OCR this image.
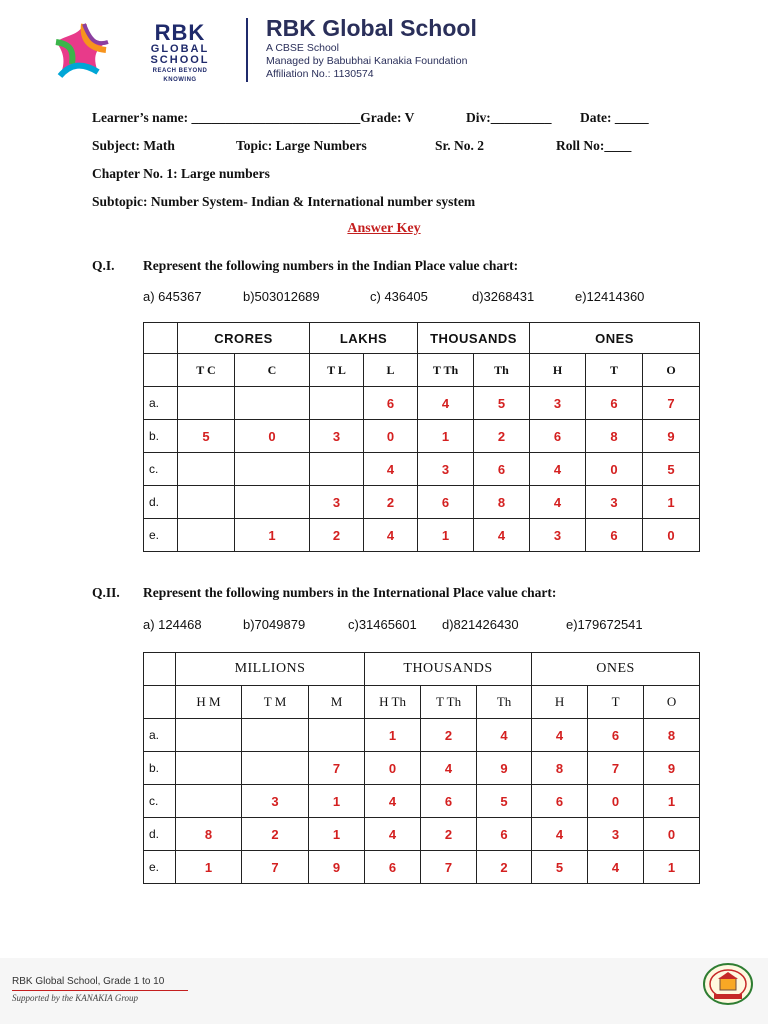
RBK
GLOBAL
SCHOOL
REACH BEYOND
KNOWING
RBK Global School
A CBSE School
Managed by Babubhai Kanakia Foundation
Affiliation No.: 1130574
Learner’s name: _________________________Grade: V	Div:_________ Date: _____
Subject: Math	Topic: Large Numbers	Sr. No. 2	Roll No:____
Chapter No. 1: Large numbers
Subtopic: Number System- Indian & International number system
Answer Key
Q.I. Represent the following numbers in the Indian Place value chart:
a) 645367	b)503012689	c) 436405	d)3268431	e)12414360
	CRORES		LAKHS		THOUSANDS		ONES		
	T C	C	T L	L	T Th	Th	H	T	O
a.				6	4	5	3	6	7
b.	5	0	3	0	1	2	6	8	9
c.				4	3	6	4	0	5
d.			3	2	6	8	4	3	1
e.		1	2	4	1	4	3	6	0
Q.II. Represent the following numbers in the International Place value chart:
a) 124468	b)7049879	c)31465601 d)821426430	e)179672541
	MILLIONS			THOUSANDS			ONES		
	H M	T M	M	H Th	T Th	Th	H	T	O
a.				1	2	4	4	6	8
b.			7	0	4	9	8	7	9
c.		3	1	4	6	5	6	0	1
d.	8	2	1	4	2	6	4	3	0
e.	1	7	9	6	7	2	5	4	1
RBK Global School, Grade 1 to 10
Supported by the KANAKIA Group
